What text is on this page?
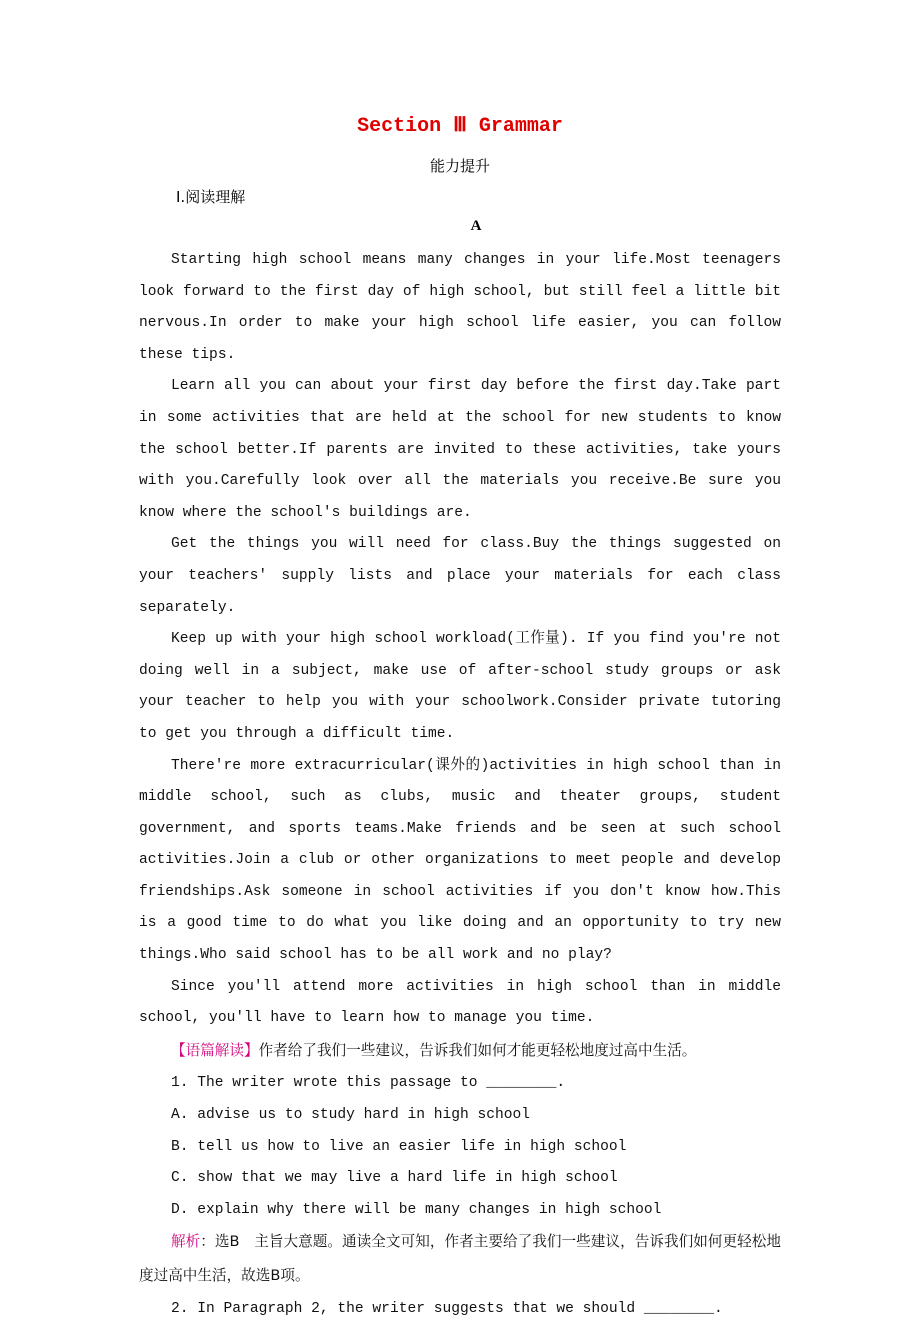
Section Ⅲ Grammar
能力提升
Ⅰ.阅读理解
A

Starting high school means many changes in your life.Most teenagers look forward to the first day of high school, but still feel a little bit nervous.In order to make your high school life easier, you can follow these tips.

Learn all you can about your first day before the first day.Take part in some activities that are held at the school for new students to know the school better.If parents are invited to these activities, take yours with you.Carefully look over all the materials you receive.Be sure you know where the school's buildings are.

Get the things you will need for class.Buy the things suggested on your teachers' supply lists and place your materials for each class separately.

Keep up with your high school workload(工作量). If you find you're not doing well in a subject, make use of after-school study groups or ask your teacher to help you with your schoolwork.Consider private tutoring to get you through a difficult time.

There're more extracurricular(课外的)activities in high school than in middle school, such as clubs, music and theater groups, student government, and sports teams.Make friends and be seen at such school activities.Join a club or other organizations to meet people and develop friendships.Ask someone in school activities if you don't know how.This is a good time to do what you like doing and an opportunity to try new things.Who said school has to be all work and no play?

Since you'll attend more activities in high school than in middle school, you'll have to learn how to manage you time.

【语篇解读】作者给了我们一些建议，告诉我们如何才能更轻松地度过高中生活。

1. The writer wrote this passage to ________.

A. advise us to study hard in high school

B. tell us how to live an easier life in high school

C. show that we may live a hard life in high school

D. explain why there will be many changes in high school

解析：选B　主旨大意题。通读全文可知，作者主要给了我们一些建议，告诉我们如何更轻松地度过高中生活，故选B项。

2. In Paragraph 2, the writer suggests that we should ________.
